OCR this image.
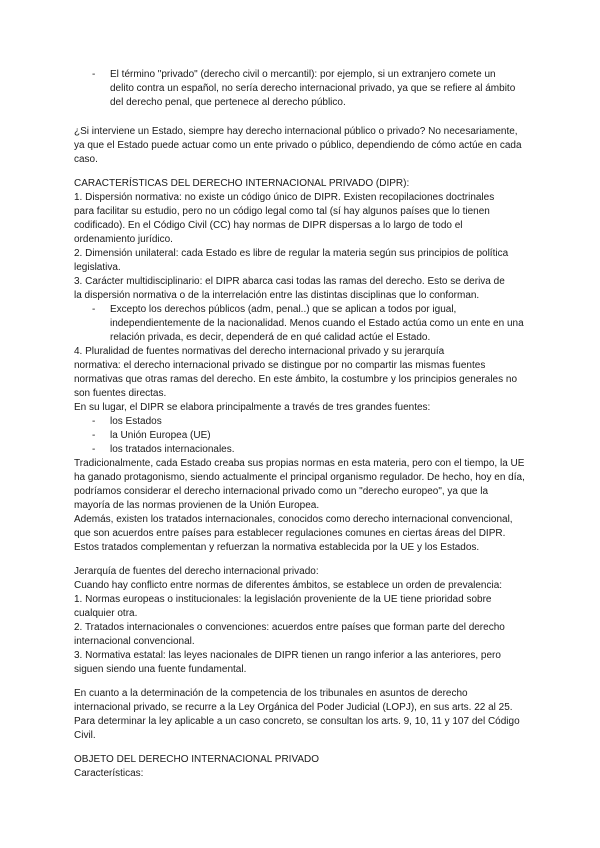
El término "privado" (derecho civil o mercantil): por ejemplo, si un extranjero comete un

delito contra un español, no sería derecho internacional privado, ya que se refiere al ámbito

del derecho penal, que pertenece al derecho público.

¿Si interviene un Estado, siempre hay derecho internacional público o privado? No necesariamente,

ya que el Estado puede actuar como un ente privado o público, dependiendo de cómo actúe en cada

caso.

CARACTERÍSTICAS DEL DERECHO INTERNACIONAL PRIVADO (DIPR):

1. Dispersión normativa: no existe un código único de DIPR. Existen recopilaciones doctrinales

para facilitar su estudio, pero no un código legal como tal (sí hay algunos países que lo tienen

codificado). En el Código Civil (CC) hay normas de DIPR dispersas a lo largo de todo el

ordenamiento jurídico.

2. Dimensión unilateral: cada Estado es libre de regular la materia según sus principios de política

legislativa.

3. Carácter multidisciplinario: el DIPR abarca casi todas las ramas del derecho. Esto se deriva de

la dispersión normativa o de la interrelación entre las distintas disciplinas que lo conforman.

Excepto los derechos públicos (adm, penal..) que se aplican a todos por igual,

independientemente de la nacionalidad. Menos cuando el Estado actúa como un ente en una

relación privada, es decir, dependerá de en qué calidad actúe el Estado.

4. Pluralidad de fuentes normativas del derecho internacional privado y su jerarquía

normativa: el derecho internacional privado se distingue por no compartir las mismas fuentes

normativas que otras ramas del derecho. En este ámbito, la costumbre y los principios generales no

son fuentes directas.

En su lugar, el DIPR se elabora principalmente a través de tres grandes fuentes:

los Estados

la Unión Europea (UE)

los tratados internacionales.

Tradicionalmente, cada Estado creaba sus propias normas en esta materia, pero con el tiempo, la UE

ha ganado protagonismo, siendo actualmente el principal organismo regulador. De hecho, hoy en día,

podríamos considerar el derecho internacional privado como un "derecho europeo", ya que la

mayoría de las normas provienen de la Unión Europea.

Además, existen los tratados internacionales, conocidos como derecho internacional convencional,

que son acuerdos entre países para establecer regulaciones comunes en ciertas áreas del DIPR.

Estos tratados complementan y refuerzan la normativa establecida por la UE y los Estados.

Jerarquía de fuentes del derecho internacional privado:

Cuando hay conflicto entre normas de diferentes ámbitos, se establece un orden de prevalencia:

1. Normas europeas o institucionales: la legislación proveniente de la UE tiene prioridad sobre

cualquier otra.

2. Tratados internacionales o convenciones: acuerdos entre países que forman parte del derecho

internacional convencional.

3. Normativa estatal: las leyes nacionales de DIPR tienen un rango inferior a las anteriores, pero

siguen siendo una fuente fundamental.

En cuanto a la determinación de la competencia de los tribunales en asuntos de derecho

internacional privado, se recurre a la Ley Orgánica del Poder Judicial (LOPJ), en sus arts. 22 al 25.

Para determinar la ley aplicable a un caso concreto, se consultan los arts. 9, 10, 11 y 107 del Código

Civil.

OBJETO DEL DERECHO INTERNACIONAL PRIVADO

Características:

-
-
-
-
-
